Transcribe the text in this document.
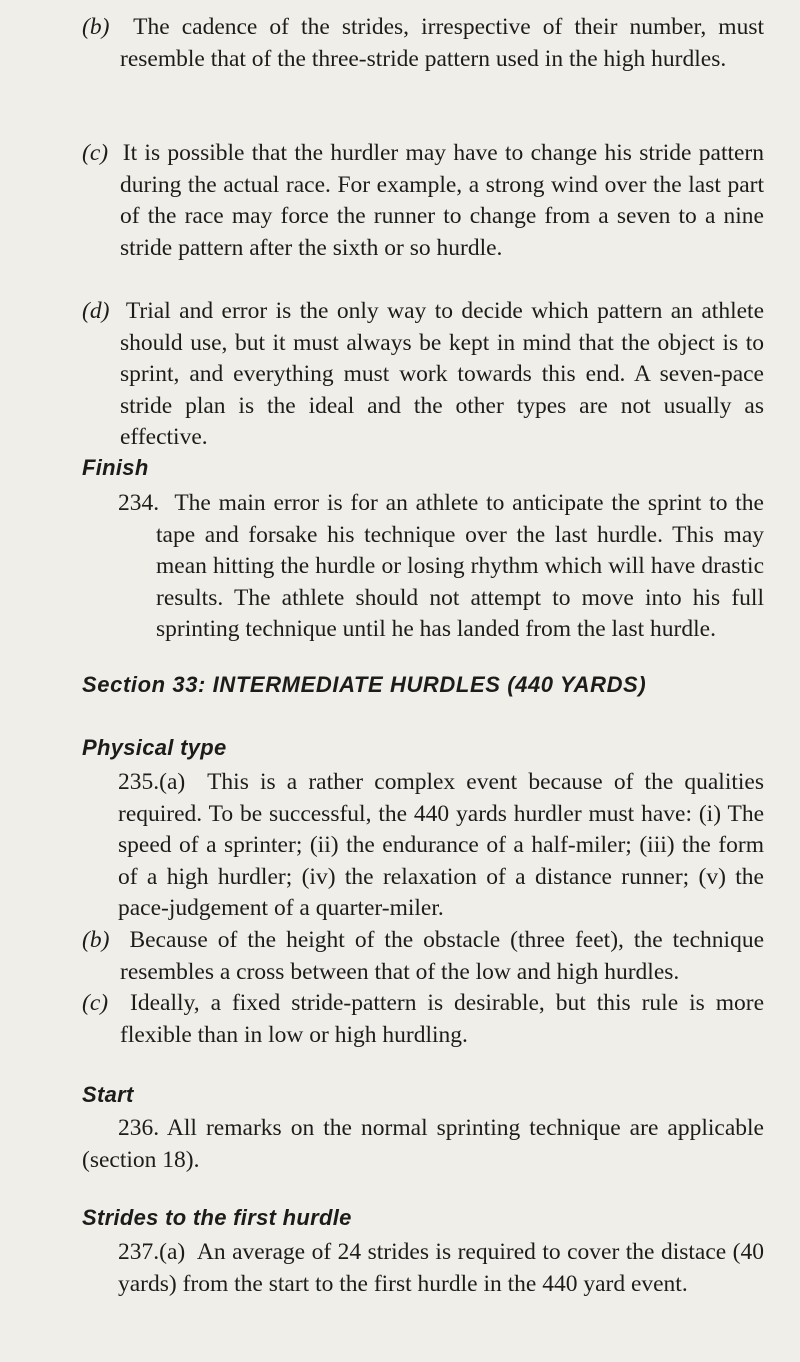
(b) The cadence of the strides, irrespective of their number, must resemble that of the three-stride pattern used in the high hurdles.
(c) It is possible that the hurdler may have to change his stride pattern during the actual race. For example, a strong wind over the last part of the race may force the runner to change from a seven to a nine stride pattern after the sixth or so hurdle.
(d) Trial and error is the only way to decide which pattern an athlete should use, but it must always be kept in mind that the object is to sprint, and everything must work towards this end. A seven-pace stride plan is the ideal and the other types are not usually as effective.
Finish
234. The main error is for an athlete to anticipate the sprint to the tape and forsake his technique over the last hurdle. This may mean hitting the hurdle or losing rhythm which will have drastic results. The athlete should not attempt to move into his full sprinting technique until he has landed from the last hurdle.
Section 33: INTERMEDIATE HURDLES (440 YARDS)
Physical type
235.(a) This is a rather complex event because of the qualities required. To be successful, the 440 yards hurdler must have: (i) The speed of a sprinter; (ii) the endurance of a half-miler; (iii) the form of a high hurdler; (iv) the relaxation of a distance runner; (v) the pace-judgement of a quarter-miler.
(b) Because of the height of the obstacle (three feet), the technique resembles a cross between that of the low and high hurdles.
(c) Ideally, a fixed stride-pattern is desirable, but this rule is more flexible than in low or high hurdling.
Start
236. All remarks on the normal sprinting technique are applicable (section 18).
Strides to the first hurdle
237.(a) An average of 24 strides is required to cover the distace (40 yards) from the start to the first hurdle in the 440 yard event.
